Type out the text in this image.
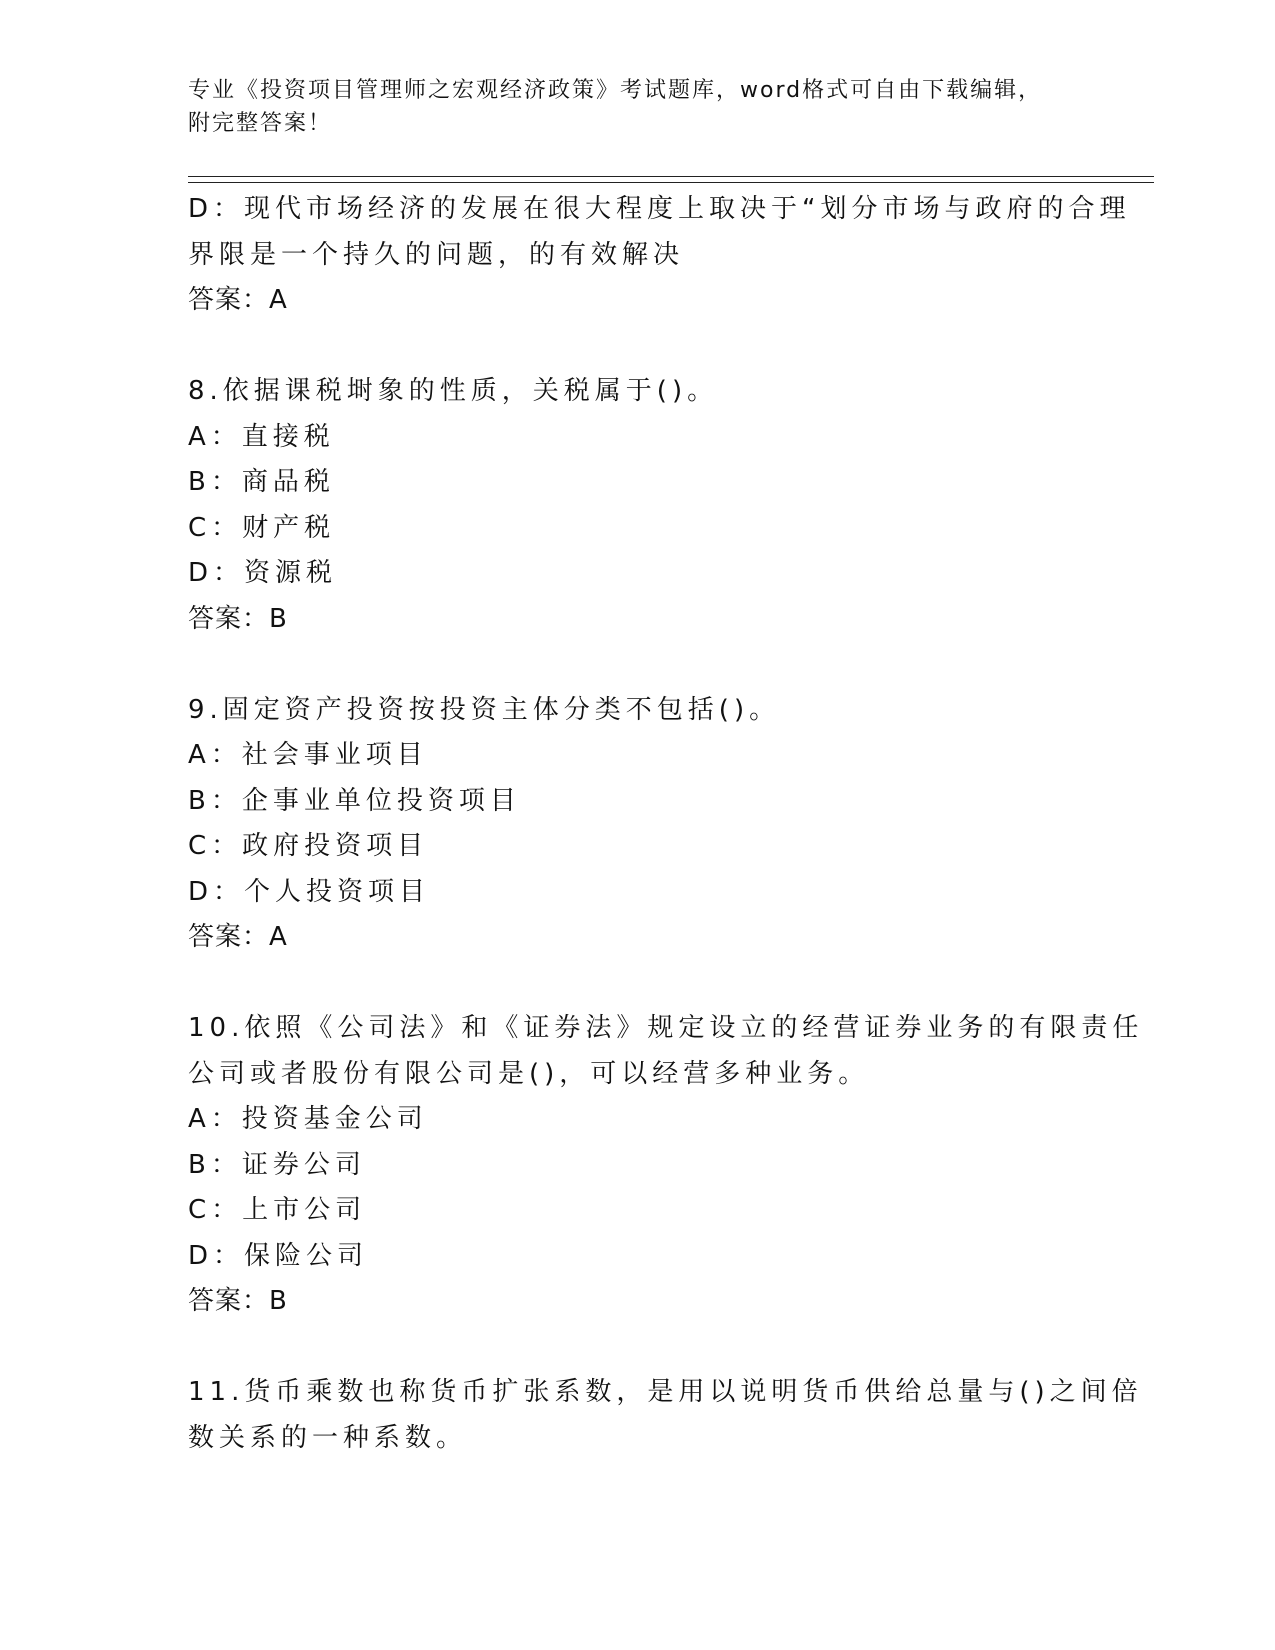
专业《投资项目管理师之宏观经济政策》考试题库，word格式可自由下载编辑，
附完整答案！
D：现代市场经济的发展在很大程度上取决于“划分市场与政府的合理
界限是一个持久的问题，的有效解决
答案：A
8.依据课税埘象的性质，关税属于()。
A：直接税
B：商品税
C：财产税
D：资源税
答案：B
9.固定资产投资按投资主体分类不包括()。
A：社会事业项目
B：企事业单位投资项目
C：政府投资项目
D：个人投资项目
答案：A
10.依照《公司法》和《证券法》规定设立的经营证券业务的有限责任
公司或者股份有限公司是()，可以经营多种业务。
A：投资基金公司
B：证券公司
C：上市公司
D：保险公司
答案：B
11.货币乘数也称货币扩张系数，是用以说明货币供给总量与()之间倍
数关系的一种系数。
